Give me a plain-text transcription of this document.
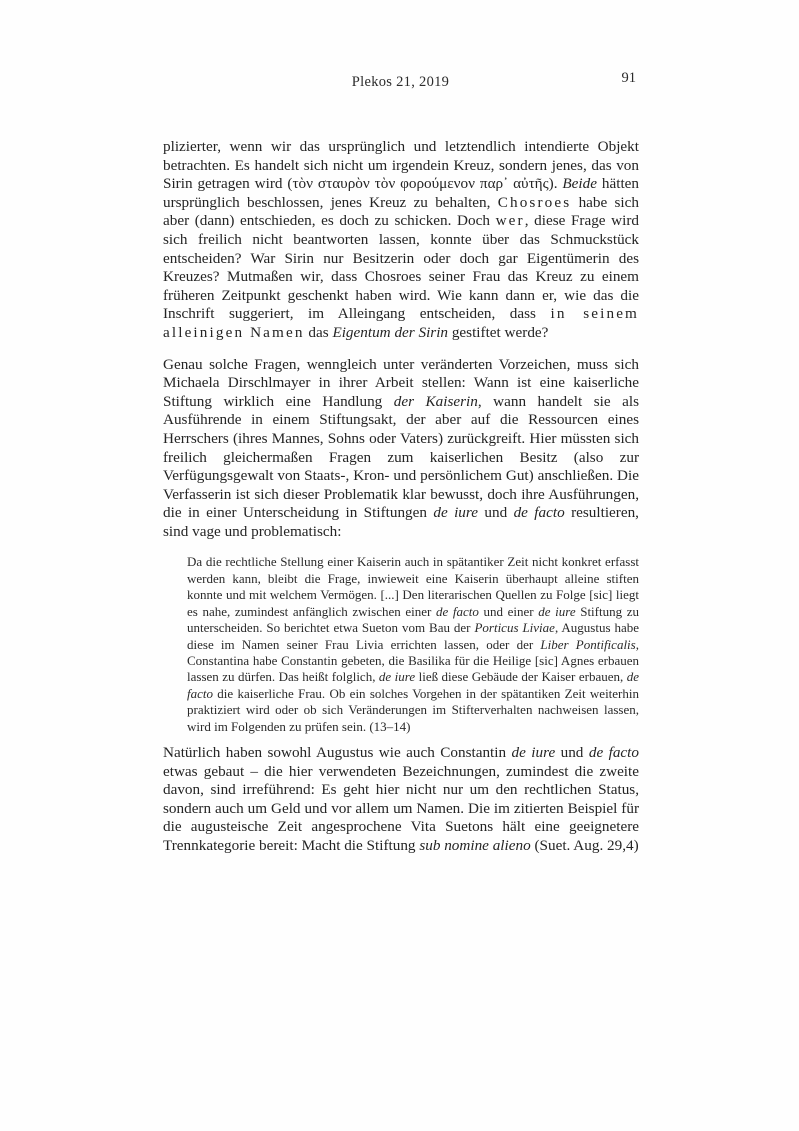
Plekos 21, 2019	91

plizierter, wenn wir das ursprünglich und letztendlich intendierte Objekt betrachten. Es handelt sich nicht um irgendein Kreuz, sondern jenes, das von Sirin getragen wird (τὸν σταυρὸν τὸν φορούμενον παρ᾽ αὐτῆς). Beide hätten ursprünglich beschlossen, jenes Kreuz zu behalten, Chosroes habe sich aber (dann) entschieden, es doch zu schicken. Doch wer, diese Frage wird sich freilich nicht beantworten lassen, konnte über das Schmuckstück entscheiden? War Sirin nur Besitzerin oder doch gar Eigentümerin des Kreuzes? Mutmaßen wir, dass Chosroes seiner Frau das Kreuz zu einem früheren Zeitpunkt geschenkt haben wird. Wie kann dann er, wie das die Inschrift suggeriert, im Alleingang entscheiden, dass in seinem alleinigen Namen das Eigentum der Sirin gestiftet werde?

Genau solche Fragen, wenngleich unter veränderten Vorzeichen, muss sich Michaela Dirschlmayer in ihrer Arbeit stellen: Wann ist eine kaiserliche Stiftung wirklich eine Handlung der Kaiserin, wann handelt sie als Ausführende in einem Stiftungsakt, der aber auf die Ressourcen eines Herrschers (ihres Mannes, Sohns oder Vaters) zurückgreift. Hier müssten sich freilich gleichermaßen Fragen zum kaiserlichen Besitz (also zur Verfügungsgewalt von Staats-, Kron- und persönlichem Gut) anschließen. Die Verfasserin ist sich dieser Problematik klar bewusst, doch ihre Ausführungen, die in einer Unterscheidung in Stiftungen de iure und de facto resultieren, sind vage und problematisch:

Da die rechtliche Stellung einer Kaiserin auch in spätantiker Zeit nicht konkret erfasst werden kann, bleibt die Frage, inwieweit eine Kaiserin überhaupt alleine stiften konnte und mit welchem Vermögen. [...] Den literarischen Quellen zu Folge [sic] liegt es nahe, zumindest anfänglich zwischen einer de facto und einer de iure Stiftung zu unterscheiden. So berichtet etwa Sueton vom Bau der Porticus Liviae, Augustus habe diese im Namen seiner Frau Livia errichten lassen, oder der Liber Pontificalis, Constantina habe Constantin gebeten, die Basilika für die Heilige [sic] Agnes erbauen lassen zu dürfen. Das heißt folglich, de iure ließ diese Gebäude der Kaiser erbauen, de facto die kaiserliche Frau. Ob ein solches Vorgehen in der spätantiken Zeit weiterhin praktiziert wird oder ob sich Veränderungen im Stifterverhalten nachweisen lassen, wird im Folgenden zu prüfen sein. (13–14)

Natürlich haben sowohl Augustus wie auch Constantin de iure und de facto etwas gebaut – die hier verwendeten Bezeichnungen, zumindest die zweite davon, sind irreführend: Es geht hier nicht nur um den rechtlichen Status, sondern auch um Geld und vor allem um Namen. Die im zitierten Beispiel für die augusteische Zeit angesprochene Vita Suetons hält eine geeignetere Trennkategorie bereit: Macht die Stiftung sub nomine alieno (Suet. Aug. 29,4)
